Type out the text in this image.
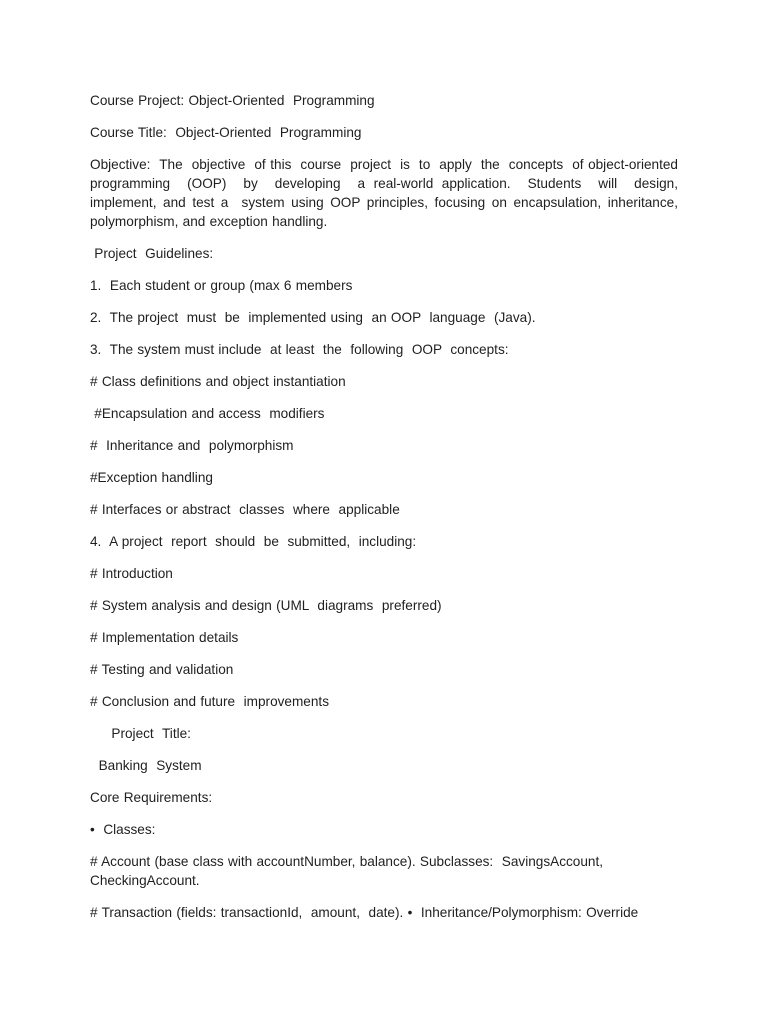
Course Project: Object-Oriented  Programming

Course Title:  Object-Oriented  Programming

Objective:  The  objective  of this  course  project  is  to  apply  the  concepts  of object-oriented programming  (OOP)  by  developing  a real-world application.  Students  will  design, implement, and test a  system using OOP principles, focusing on encapsulation, inheritance, polymorphism, and exception handling.

Project  Guidelines:

1.  Each student or group (max 6 members

2.  The project  must  be  implemented using  an OOP  language  (Java).

3.  The system must include  at least  the  following  OOP  concepts:

# Class definitions and object instantiation

#Encapsulation and access  modifiers

#  Inheritance and  polymorphism

#Exception handling

# Interfaces or abstract  classes  where  applicable

4.  A project  report  should  be  submitted,  including:

# Introduction

# System analysis and design (UML  diagrams  preferred)

# Implementation details

# Testing and validation

# Conclusion and future  improvements

Project  Title:

Banking  System

Core Requirements:

•  Classes:

# Account (base class with accountNumber, balance). Subclasses:  SavingsAccount, CheckingAccount.

# Transaction (fields: transactionId,  amount,  date). •  Inheritance/Polymorphism: Override
